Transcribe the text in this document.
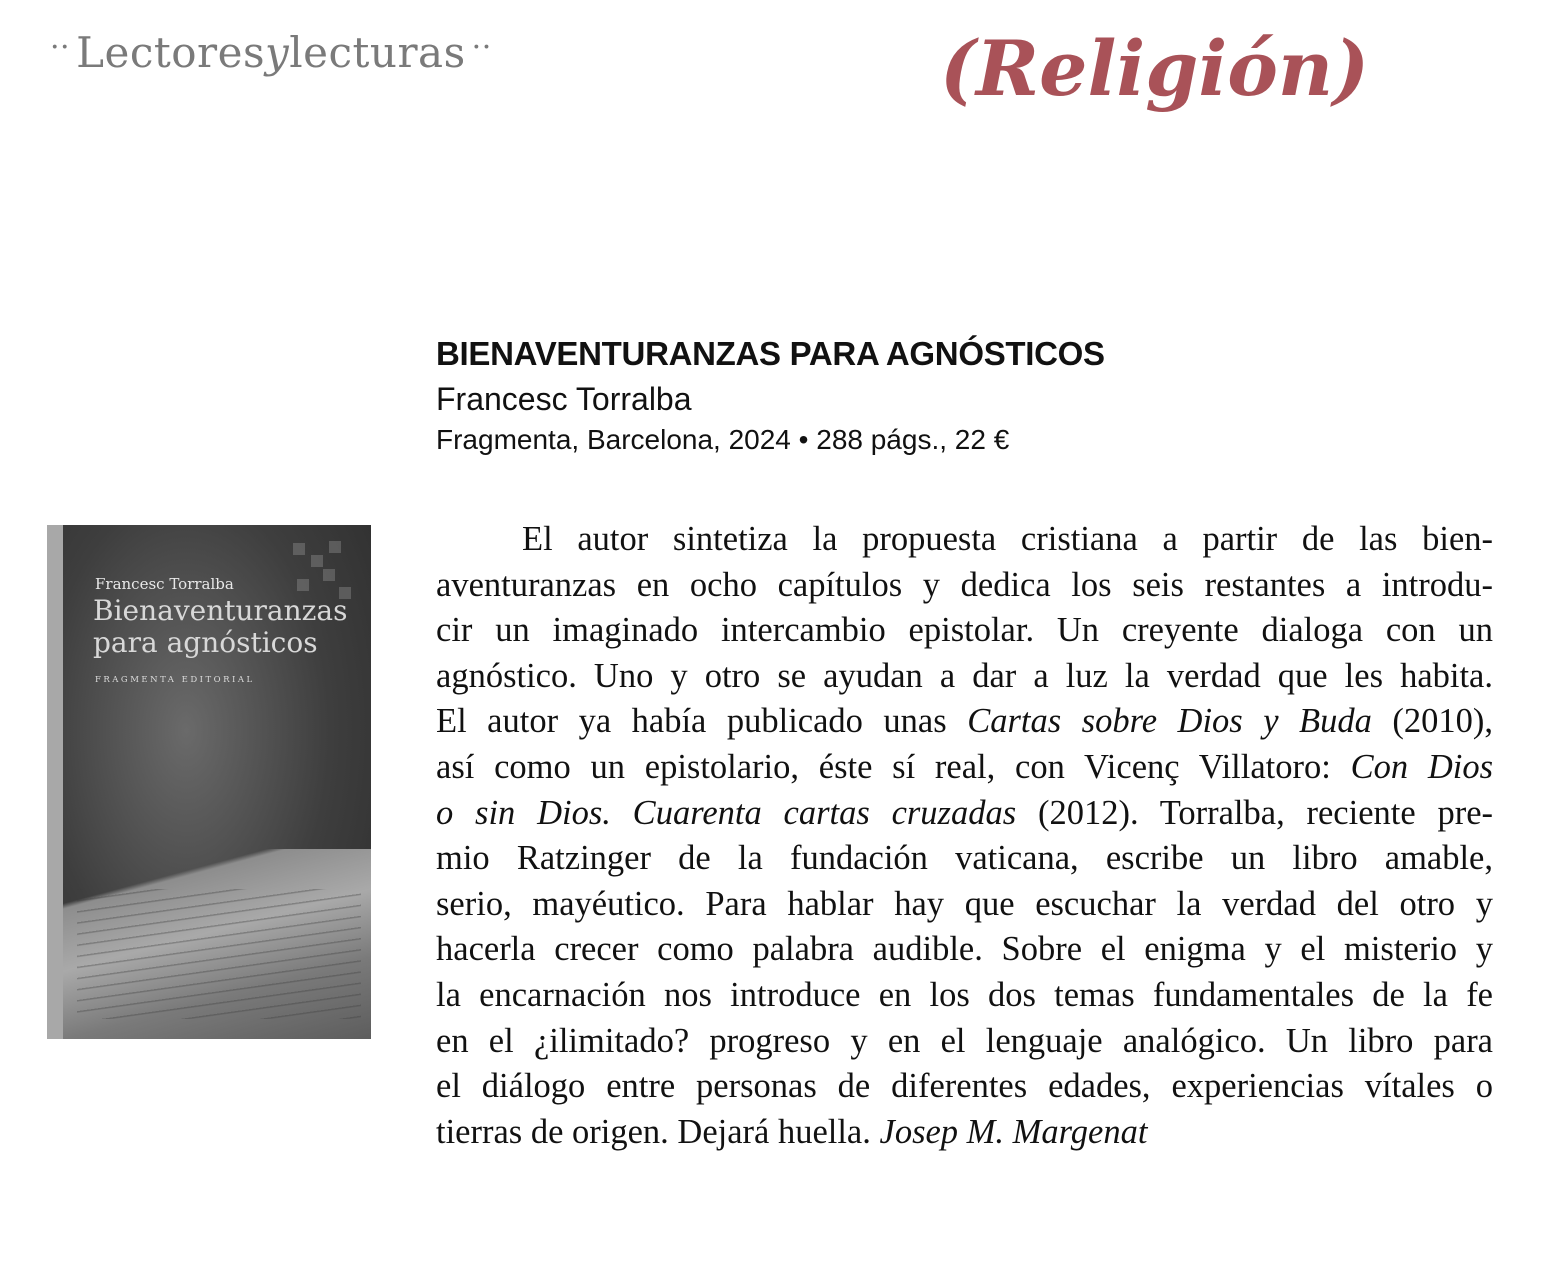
·· Lectoresylecturas ··	(Religión)
Francesc Torralba
Bienaventuranzas
para agnósticos
FRAGMENTA EDITORIAL
BIENAVENTURANZAS PARA AGNÓSTICOS
Francesc Torralba
Fragmenta, Barcelona, 2024 • 288 págs., 22 €
El autor sintetiza la propuesta cristiana a partir de las bien-
aventuranzas en ocho capítulos y dedica los seis restantes a introdu-
cir un imaginado intercambio epistolar. Un creyente dialoga con un
agnóstico. Uno y otro se ayudan a dar a luz la verdad que les habita.
El autor ya había publicado unas Cartas sobre Dios y Buda (2010),
así como un epistolario, éste sí real, con Vicenç Villatoro: Con Dios
o sin Dios. Cuarenta cartas cruzadas (2012). Torralba, reciente pre-
mio Ratzinger de la fundación vaticana, escribe un libro amable,
serio, mayéutico. Para hablar hay que escuchar la verdad del otro y
hacerla crecer como palabra audible. Sobre el enigma y el misterio y
la encarnación nos introduce en los dos temas fundamentales de la fe
en el ¿ilimitado? progreso y en el lenguaje analógico. Un libro para
el diálogo entre personas de diferentes edades, experiencias vítales o
tierras de origen. Dejará huella. Josep M. Margenat
